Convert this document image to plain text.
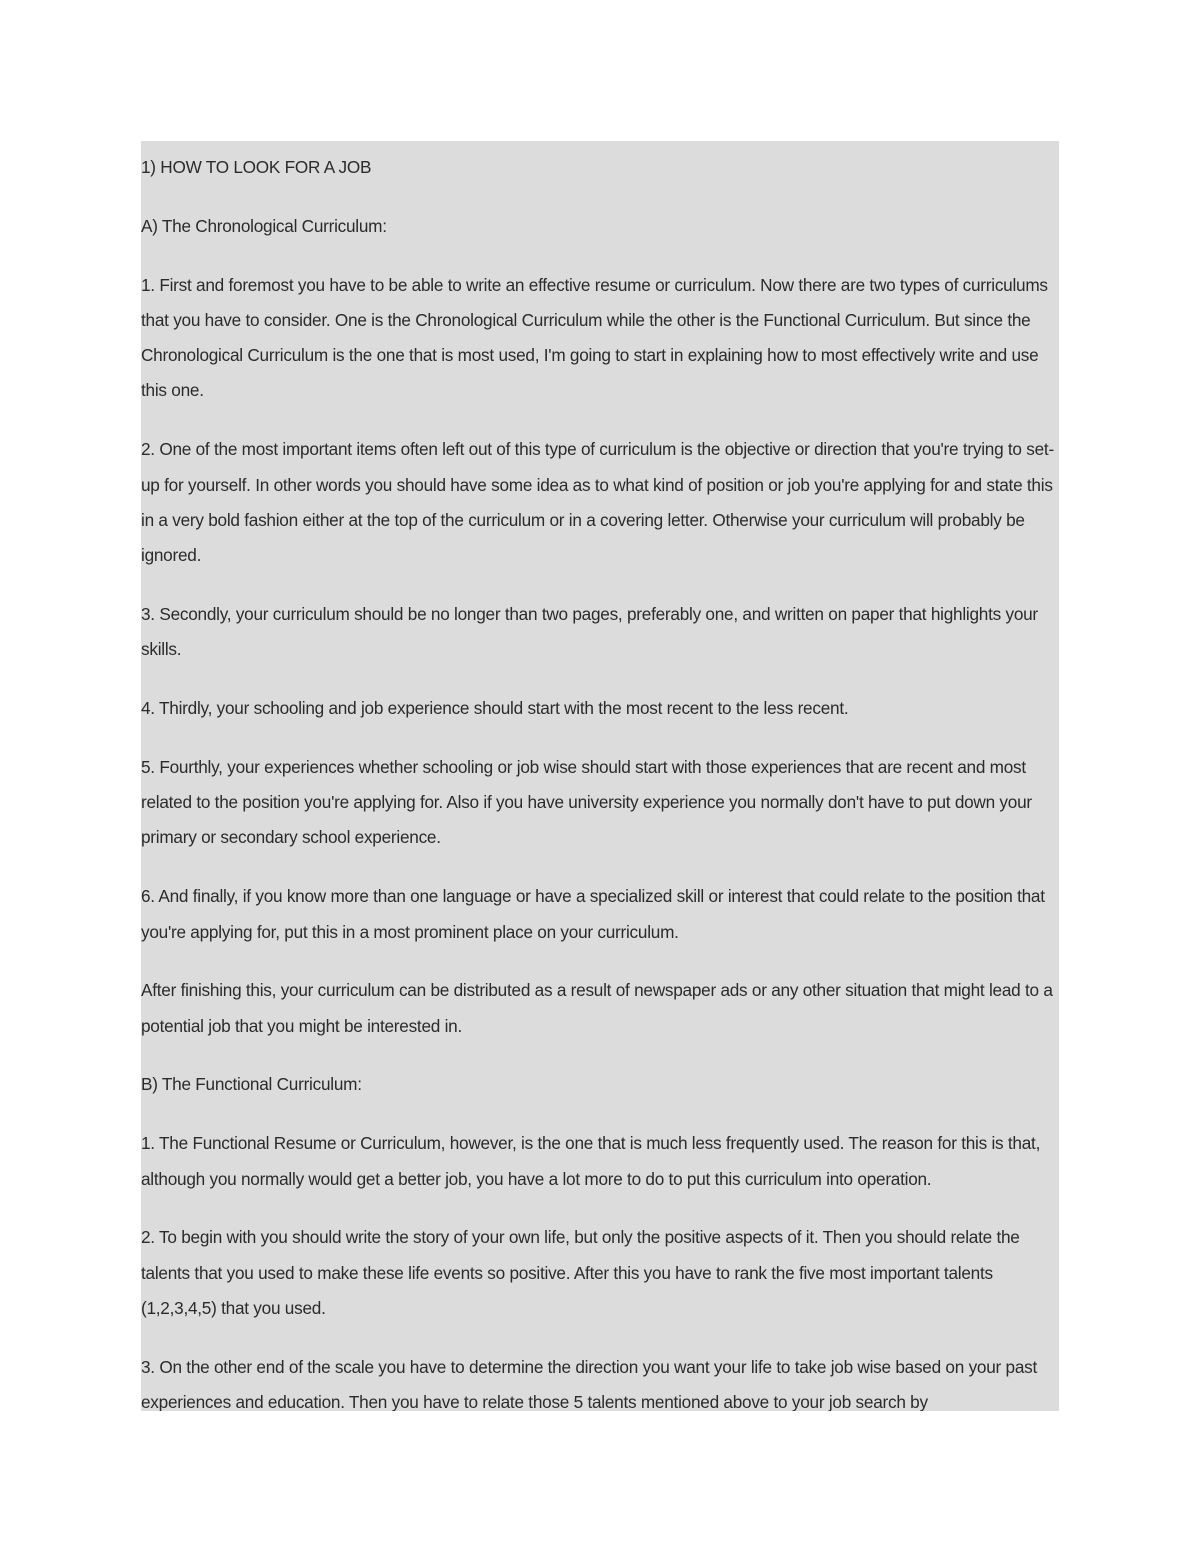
1) HOW TO LOOK FOR A JOB

A) The Chronological Curriculum:

1. First and foremost you have to be able to write an effective resume or curriculum. Now there are two types of curriculums that you have to consider. One is the Chronological Curriculum while the other is the Functional Curriculum. But since the Chronological Curriculum is the one that is most used, I'm going to start in explaining how to most effectively write and use this one.

2. One of the most important items often left out of this type of curriculum is the objective or direction that you're trying to set-up for yourself. In other words you should have some idea as to what kind of position or job you're applying for and state this in a very bold fashion either at the top of the curriculum or in a covering letter. Otherwise your curriculum will probably be ignored.

3. Secondly, your curriculum should be no longer than two pages, preferably one, and written on paper that highlights your skills.

4. Thirdly, your schooling and job experience should start with the most recent to the less recent.

5. Fourthly, your experiences whether schooling or job wise should start with those experiences that are recent and most related to the position you're applying for. Also if you have university experience you normally don't have to put down your primary or secondary school experience.

6. And finally, if you know more than one language or have a specialized skill or interest that could relate to the position that you're applying for, put this in a most prominent place on your curriculum.

After finishing this, your curriculum can be distributed as a result of newspaper ads or any other situation that might lead to a potential job that you might be interested in.

B) The Functional Curriculum:

1. The Functional Resume or Curriculum, however, is the one that is much less frequently used. The reason for this is that, although you normally would get a better job, you have a lot more to do to put this curriculum into operation.

2. To begin with you should write the story of your own life, but only the positive aspects of it. Then you should relate the talents that you used to make these life events so positive. After this you have to rank the five most important talents (1,2,3,4,5) that you used.

3. On the other end of the scale you have to determine the direction you want your life to take job wise based on your past experiences and education. Then you have to relate those 5 talents mentioned above to your job search by
